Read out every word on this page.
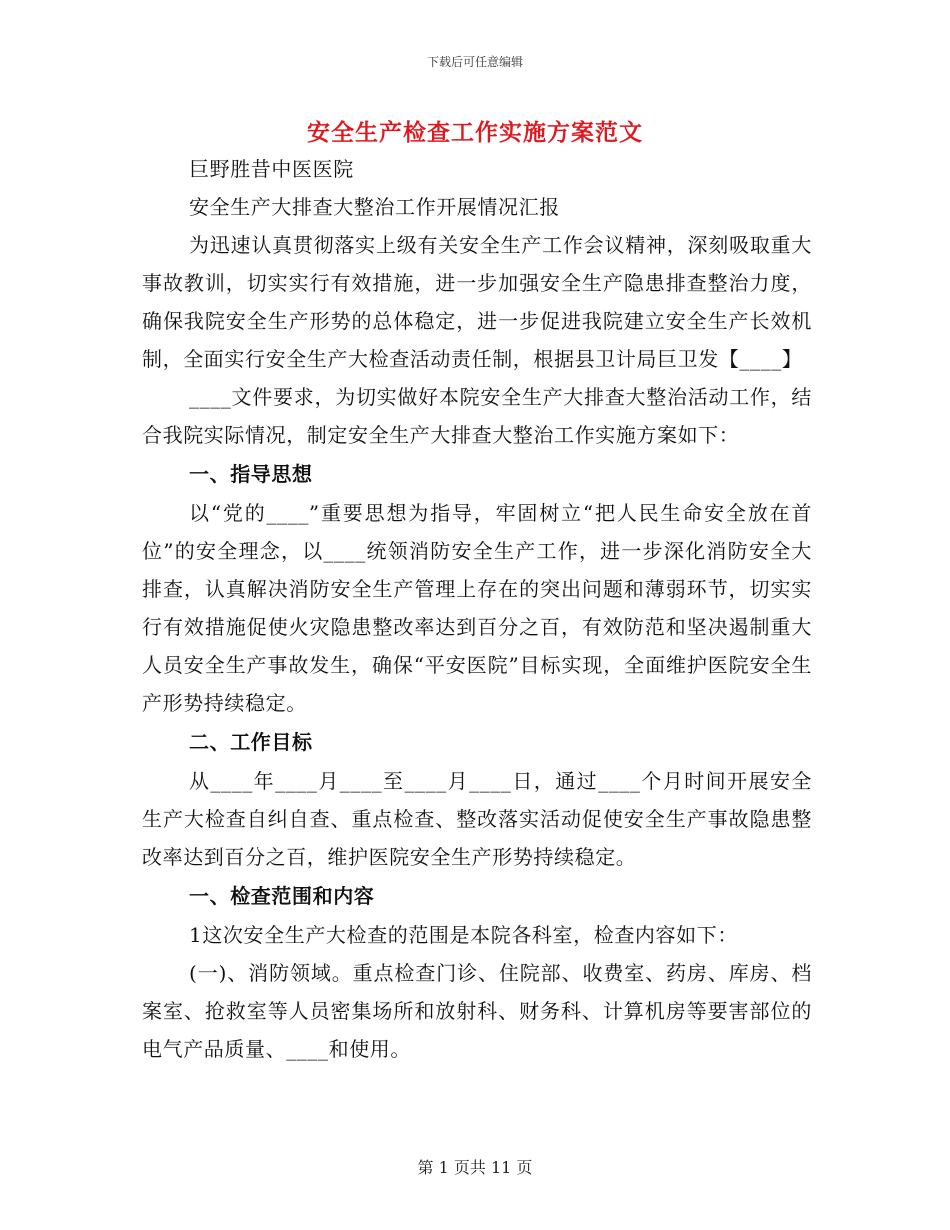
下载后可任意编辑
安全生产检查工作实施方案范文

巨野胜昔中医医院

安全生产大排查大整治工作开展情况汇报

为迅速认真贯彻落实上级有关安全生产工作会议精神，深刻吸取重大事故教训，切实实行有效措施，进一步加强安全生产隐患排查整治力度，确保我院安全生产形势的总体稳定，进一步促进我院建立安全生产长效机制，全面实行安全生产大检查活动责任制，根据县卫计局巨卫发【____】

____文件要求，为切实做好本院安全生产大排查大整治活动工作，结合我院实际情况，制定安全生产大排查大整治工作实施方案如下：

一、指导思想

以“党的____”重要思想为指导，牢固树立“把人民生命安全放在首位”的安全理念，以____统领消防安全生产工作，进一步深化消防安全大排查，认真解决消防安全生产管理上存在的突出问题和薄弱环节，切实实行有效措施促使火灾隐患整改率达到百分之百，有效防范和坚决遏制重大人员安全生产事故发生，确保“平安医院”目标实现，全面维护医院安全生产形势持续稳定。

二、工作目标

从____年____月____至____月____日，通过____个月时间开展安全生产大检查自纠自查、重点检查、整改落实活动促使安全生产事故隐患整改率达到百分之百，维护医院安全生产形势持续稳定。

一、检查范围和内容

1这次安全生产大检查的范围是本院各科室，检查内容如下：

(一)、消防领域。重点检查门诊、住院部、收费室、药房、库房、档案室、抢救室等人员密集场所和放射科、财务科、计算机房等要害部位的电气产品质量、____和使用。

第 1 页共 11 页
